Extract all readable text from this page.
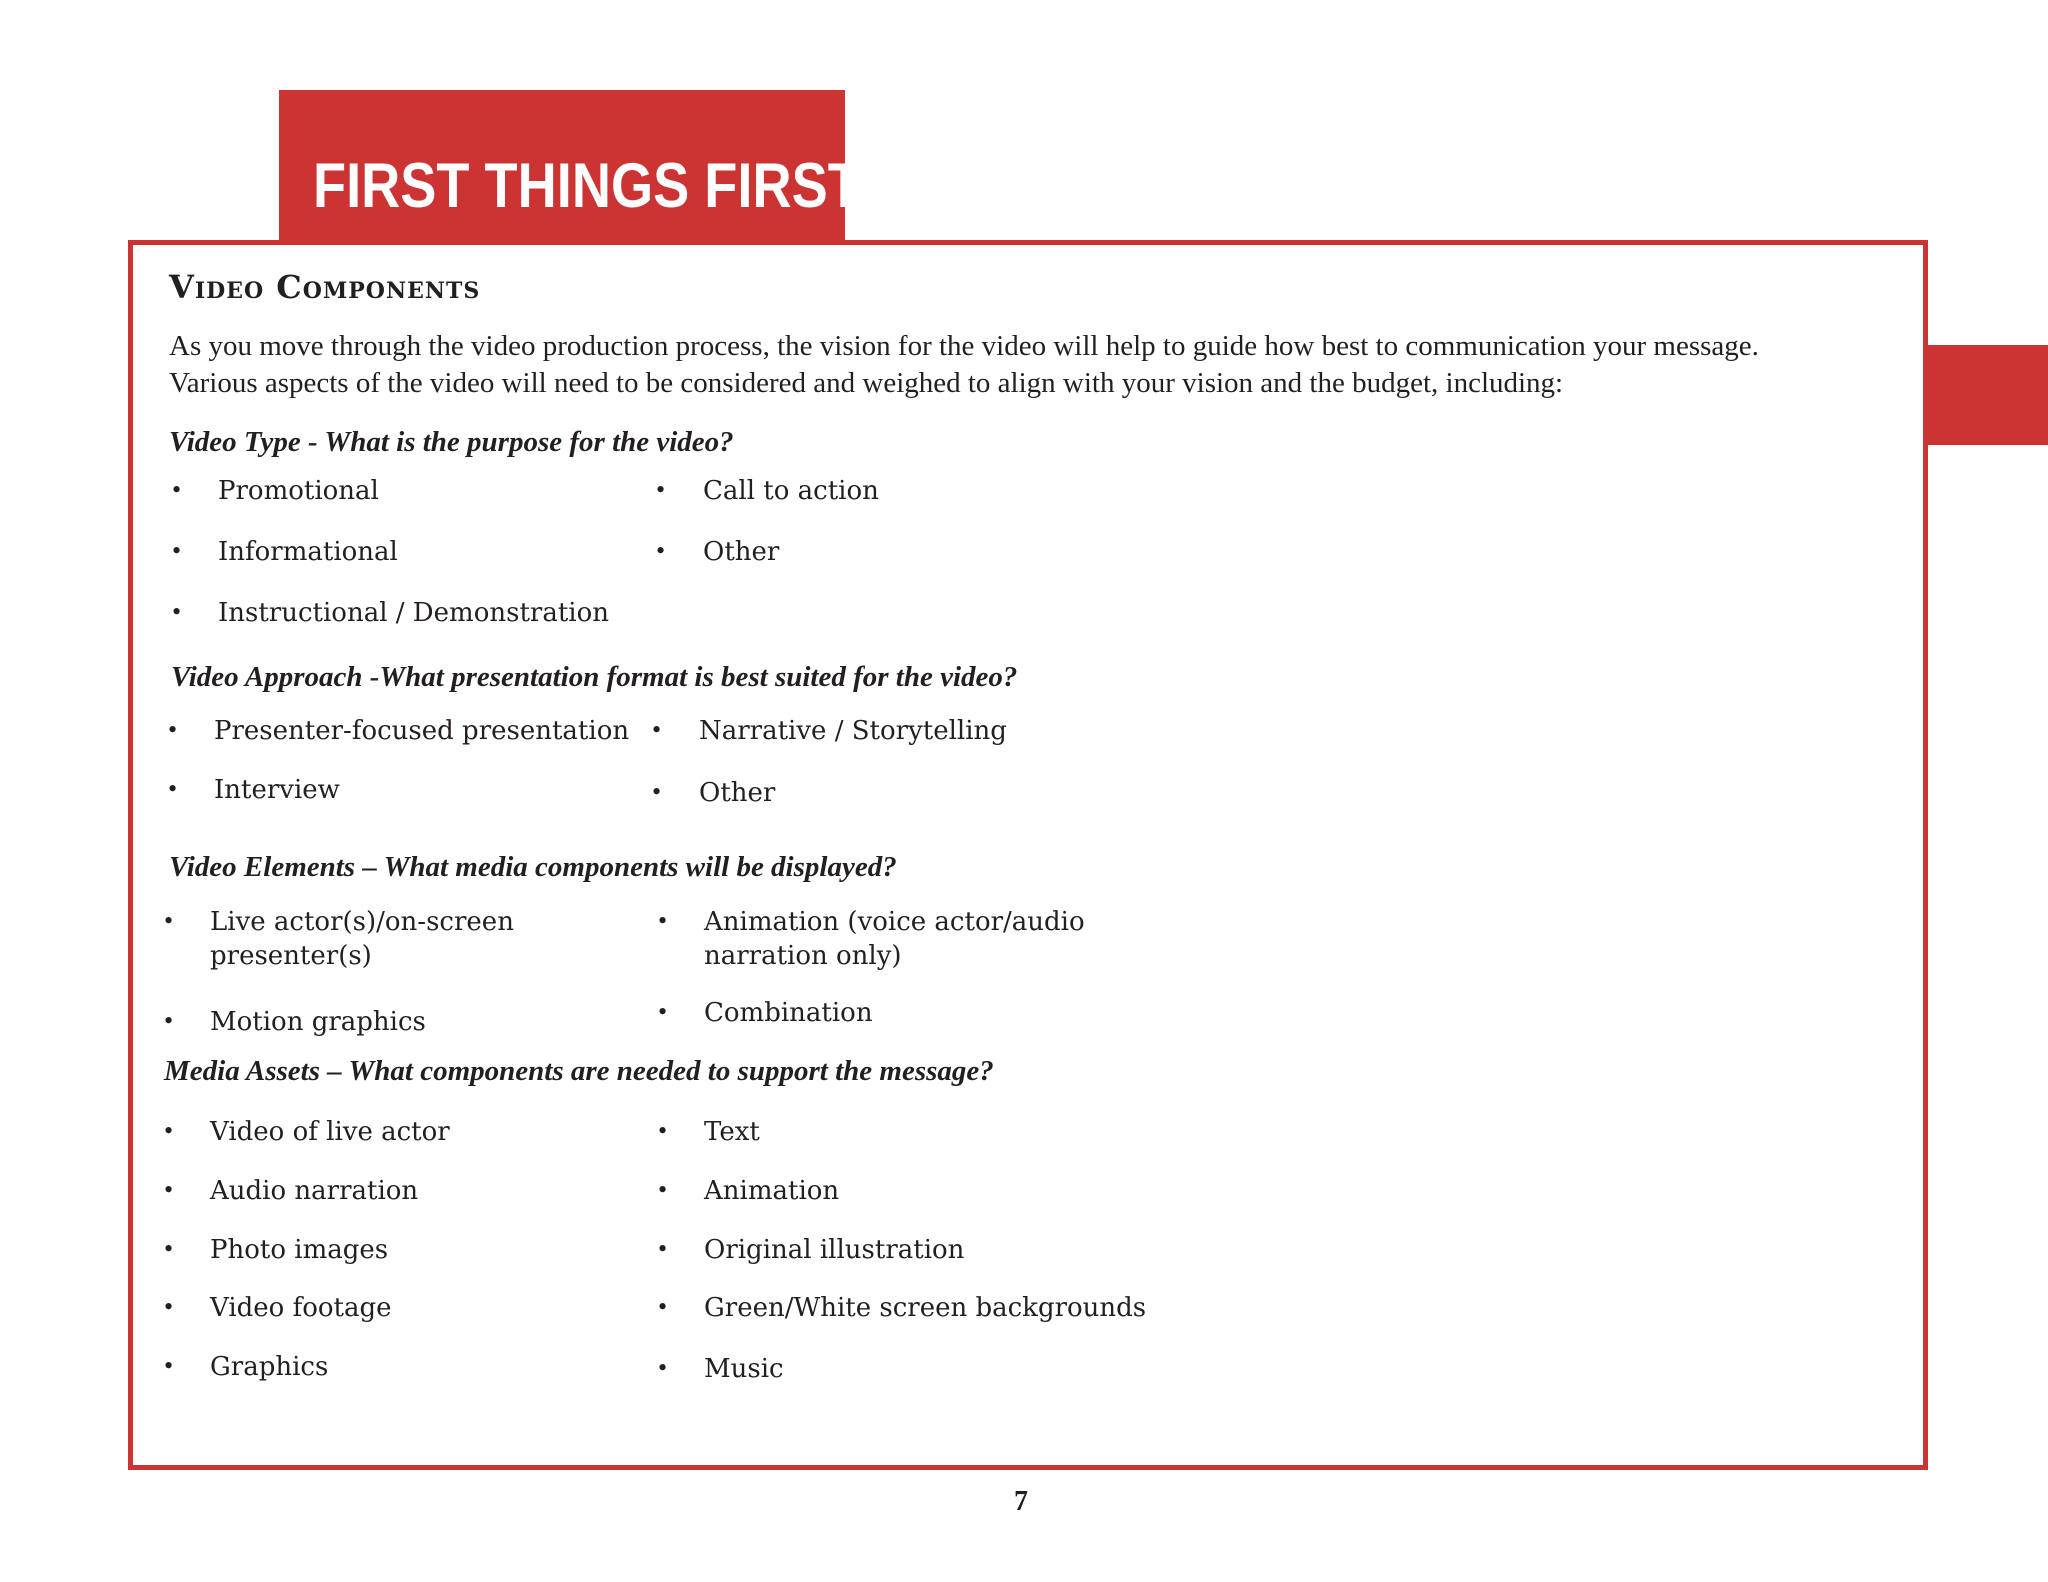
FIRST THINGS FIRST
Video Components

As you move through the video production process, the vision for the video will help to guide how best to communication your message.

Various aspects of the video will need to be considered and weighed to align with your vision and the budget, including:

Video Type - What is the purpose for the video?
• Promotional
• Informational
• Instructional / Demonstration
• Call to action
• Other
Video Approach -What presentation format is best suited for the video?
• Presenter-focused presentation
• Interview
• Narrative / Storytelling
• Other
Video Elements – What media components will be displayed?
• Live actor(s)/on-screen
presenter(s)
• Motion graphics
• Animation (voice actor/audio
narration only)
• Combination
Media Assets – What components are needed to support the message?
• Video of live actor
• Audio narration
• Photo images
• Video footage
• Graphics
• Text
• Animation
• Original illustration
• Green/White screen backgrounds
• Music
7
